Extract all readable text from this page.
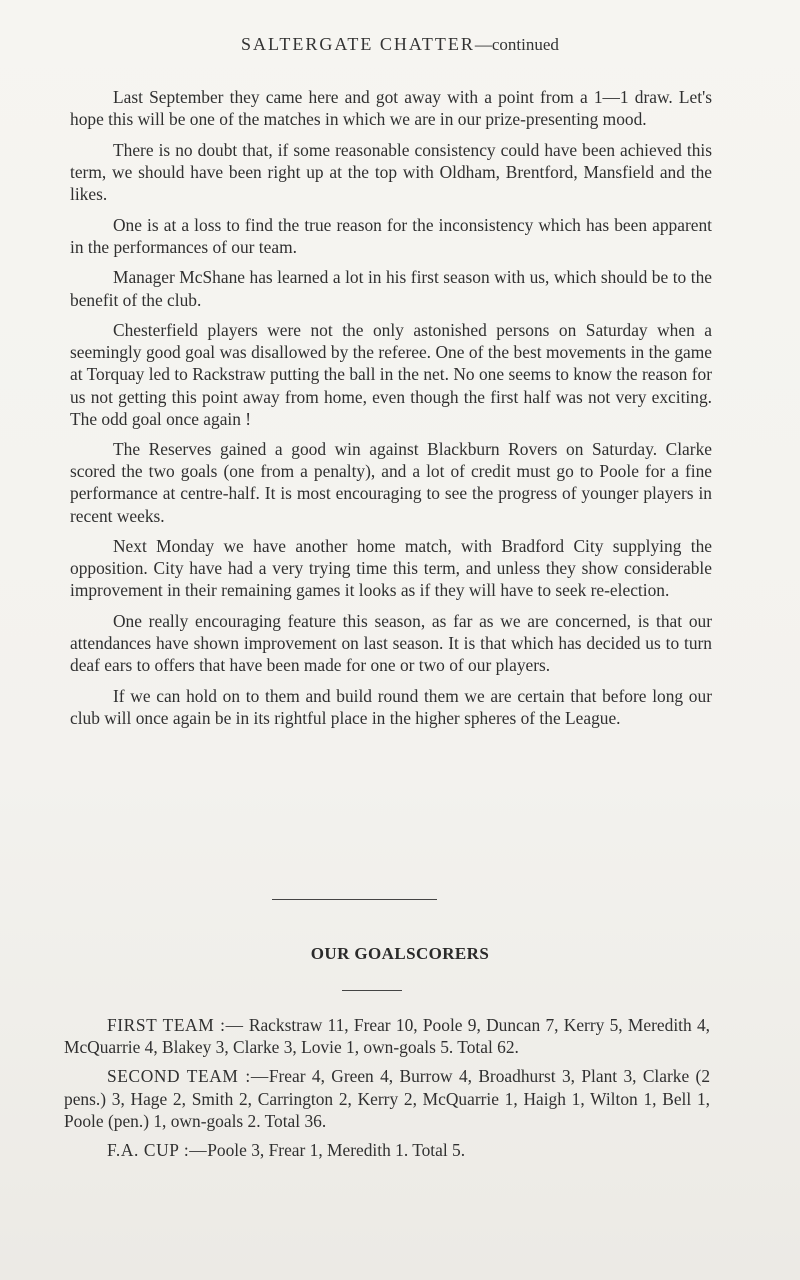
SALTERGATE CHATTER—continued

Last September they came here and got away with a point from a 1—1 draw. Let's hope this will be one of the matches in which we are in our prize-presenting mood.

There is no doubt that, if some reasonable consistency could have been achieved this term, we should have been right up at the top with Oldham, Brentford, Mansfield and the likes.

One is at a loss to find the true reason for the inconsistency which has been apparent in the performances of our team.

Manager McShane has learned a lot in his first season with us, which should be to the benefit of the club.

Chesterfield players were not the only astonished persons on Saturday when a seemingly good goal was disallowed by the referee. One of the best movements in the game at Torquay led to Rackstraw putting the ball in the net. No one seems to know the reason for us not getting this point away from home, even though the first half was not very exciting. The odd goal once again !

The Reserves gained a good win against Blackburn Rovers on Saturday. Clarke scored the two goals (one from a penalty), and a lot of credit must go to Poole for a fine performance at centre-half. It is most encouraging to see the progress of younger players in recent weeks.

Next Monday we have another home match, with Bradford City supplying the opposition. City have had a very trying time this term, and unless they show considerable improvement in their remaining games it looks as if they will have to seek re-election.

One really encouraging feature this season, as far as we are concerned, is that our attendances have shown improvement on last season. It is that which has decided us to turn deaf ears to offers that have been made for one or two of our players.

If we can hold on to them and build round them we are certain that before long our club will once again be in its rightful place in the higher spheres of the League.

OUR GOALSCORERS

FIRST TEAM :— Rackstraw 11, Frear 10, Poole 9, Duncan 7, Kerry 5, Meredith 4, McQuarrie 4, Blakey 3, Clarke 3, Lovie 1, own-goals 5. Total 62.

SECOND TEAM :—Frear 4, Green 4, Burrow 4, Broadhurst 3, Plant 3, Clarke (2 pens.) 3, Hage 2, Smith 2, Carrington 2, Kerry 2, McQuarrie 1, Haigh 1, Wilton 1, Bell 1, Poole (pen.) 1, own-goals 2. Total 36.

F.A. CUP :—Poole 3, Frear 1, Meredith 1. Total 5.
